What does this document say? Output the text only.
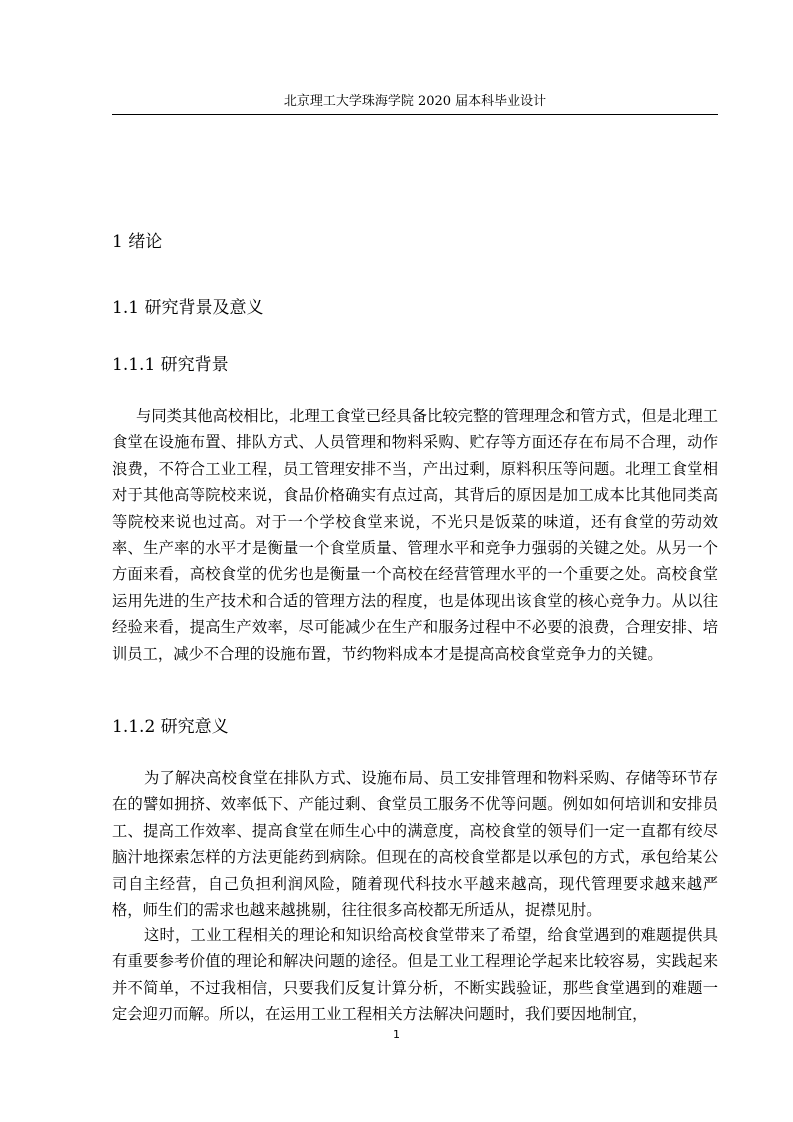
北京理工大学珠海学院 2020 届本科毕业设计
1 绪论
1.1 研究背景及意义
1.1.1 研究背景

与同类其他高校相比，北理工食堂已经具备比较完整的管理理念和管方式，但是北理工食堂在设施布置、排队方式、人员管理和物料采购、贮存等方面还存在布局不合理，动作浪费，不符合工业工程，员工管理安排不当，产出过剩，原料积压等问题。北理工食堂相对于其他高等院校来说，食品价格确实有点过高，其背后的原因是加工成本比其他同类高等院校来说也过高。对于一个学校食堂来说，不光只是饭菜的味道，还有食堂的劳动效率、生产率的水平才是衡量一个食堂质量、管理水平和竞争力强弱的关键之处。从另一个方面来看，高校食堂的优劣也是衡量一个高校在经营管理水平的一个重要之处。高校食堂运用先进的生产技术和合适的管理方法的程度，也是体现出该食堂的核心竞争力。从以往经验来看，提高生产效率，尽可能减少在生产和服务过程中不必要的浪费，合理安排、培训员工，减少不合理的设施布置，节约物料成本才是提高高校食堂竞争力的关键。

1.1.2 研究意义

为了解决高校食堂在排队方式、设施布局、员工安排管理和物料采购、存储等环节存在的譬如拥挤、效率低下、产能过剩、食堂员工服务不优等问题。例如如何培训和安排员工、提高工作效率、提高食堂在师生心中的满意度，高校食堂的领导们一定一直都有绞尽脑汁地探索怎样的方法更能药到病除。但现在的高校食堂都是以承包的方式，承包给某公司自主经营，自己负担利润风险，随着现代科技水平越来越高，现代管理要求越来越严格，师生们的需求也越来越挑剔，往往很多高校都无所适从，捉襟见肘。

这时，工业工程相关的理论和知识给高校食堂带来了希望，给食堂遇到的难题提供具有重要参考价值的理论和解决问题的途径。但是工业工程理论学起来比较容易，实践起来并不简单，不过我相信，只要我们反复计算分析，不断实践验证，那些食堂遇到的难题一定会迎刃而解。所以，在运用工业工程相关方法解决问题时，我们要因地制宜，

1
